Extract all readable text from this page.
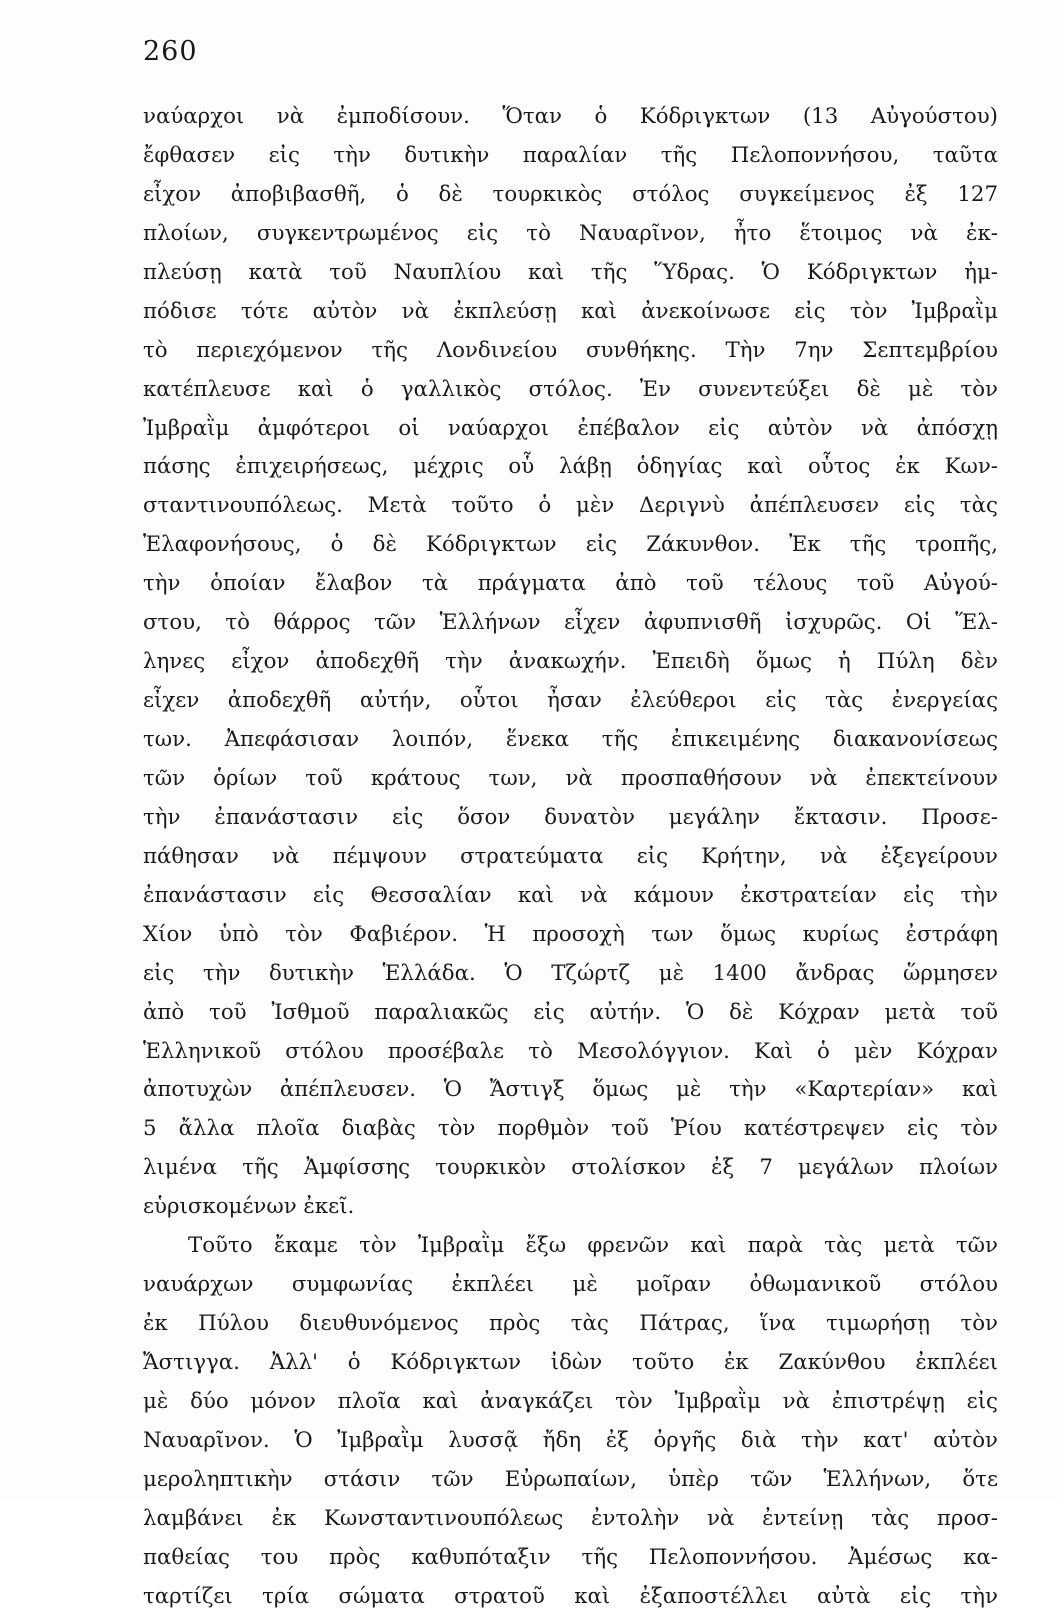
260
ναύαρχοι νὰ ἐμποδίσουν. Ὅταν ὁ Κόδριγκτων (13 Αὐγούστου)
ἔφθασεν εἰς τὴν δυτικὴν παραλίαν τῆς Πελοποννήσου, ταῦτα
εἶχον ἀποβιβασθῆ, ὁ δὲ τουρκικὸς στόλος συγκείμενος ἐξ 127
πλοίων, συγκεντρωμένος εἰς τὸ Ναυαρῖνον, ἦτο ἕτοιμος νὰ ἐκ-
πλεύσῃ κατὰ τοῦ Ναυπλίου καὶ τῆς Ὕδρας. Ὁ Κόδριγκτων ἠμ-
πόδισε τότε αὐτὸν νὰ ἐκπλεύσῃ καὶ ἀνεκοίνωσε εἰς τὸν Ἰμβραῒμ
τὸ περιεχόμενον τῆς Λονδινείου συνθήκης. Τὴν 7ην Σεπτεμβρίου
κατέπλευσε καὶ ὁ γαλλικὸς στόλος. Ἐν συνεντεύξει δὲ μὲ τὸν
Ἰμβραῒμ ἀμφότεροι οἱ ναύαρχοι ἐπέβαλον εἰς αὐτὸν νὰ ἀπόσχῃ
πάσης ἐπιχειρήσεως, μέχρις οὗ λάβῃ ὁδηγίας καὶ οὗτος ἐκ Κων-
σταντινουπόλεως. Μετὰ τοῦτο ὁ μὲν Δεριγνὺ ἀπέπλευσεν εἰς τὰς
Ἐλαφονήσους, ὁ δὲ Κόδριγκτων εἰς Ζάκυνθον. Ἐκ τῆς τροπῆς,
τὴν ὁποίαν ἔλαβον τὰ πράγματα ἀπὸ τοῦ τέλους τοῦ Αὐγού-
στου, τὸ θάρρος τῶν Ἑλλήνων εἶχεν ἀφυπνισθῆ ἰσχυρῶς. Οἱ Ἕλ-
ληνες εἶχον ἀποδεχθῆ τὴν ἀνακωχήν. Ἐπειδὴ ὅμως ἡ Πύλη δὲν
εἶχεν ἀποδεχθῆ αὐτήν, οὗτοι ἦσαν ἐλεύθεροι εἰς τὰς ἐνεργείας
των. Ἀπεφάσισαν λοιπόν, ἕνεκα τῆς ἐπικειμένης διακανονίσεως
τῶν ὁρίων τοῦ κράτους των, νὰ προσπαθήσουν νὰ ἐπεκτείνουν
τὴν ἐπανάστασιν εἰς ὅσον δυνατὸν μεγάλην ἔκτασιν. Προσε-
πάθησαν νὰ πέμψουν στρατεύματα εἰς Κρήτην, νὰ ἐξεγείρουν
ἐπανάστασιν εἰς Θεσσαλίαν καὶ νὰ κάμουν ἐκστρατείαν εἰς τὴν
Χίον ὑπὸ τὸν Φαβιέρον. Ἡ προσοχὴ των ὅμως κυρίως ἐστράφη
εἰς τὴν δυτικὴν Ἑλλάδα. Ὁ Τζώρτζ μὲ 1400 ἄνδρας ὥρμησεν
ἀπὸ τοῦ Ἰσθμοῦ παραλιακῶς εἰς αὐτήν. Ὁ δὲ Κόχραν μετὰ τοῦ
Ἑλληνικοῦ στόλου προσέβαλε τὸ Μεσολόγγιον. Καὶ ὁ μὲν Κόχραν
ἀποτυχὼν ἀπέπλευσεν. Ὁ Ἄστιγξ ὅμως μὲ τὴν «Καρτερίαν» καὶ
5 ἄλλα πλοῖα διαβὰς τὸν πορθμὸν τοῦ Ῥίου κατέστρεψεν εἰς τὸν
λιμένα τῆς Ἀμφίσσης τουρκικὸν στολίσκον ἐξ 7 μεγάλων πλοίων
εὑρισκομένων ἐκεῖ.
Τοῦτο ἔκαμε τὸν Ἰμβραῒμ ἔξω φρενῶν καὶ παρὰ τὰς μετὰ τῶν
ναυάρχων συμφωνίας ἐκπλέει μὲ μοῖραν ὀθωμανικοῦ στόλου
ἐκ Πύλου διευθυνόμενος πρὸς τὰς Πάτρας, ἵνα τιμωρήσῃ τὸν
Ἄστιγγα. Ἀλλ' ὁ Κόδριγκτων ἰδὼν τοῦτο ἐκ Ζακύνθου ἐκπλέει
μὲ δύο μόνον πλοῖα καὶ ἀναγκάζει τὸν Ἰμβραῒμ νὰ ἐπιστρέψῃ εἰς
Ναυαρῖνον. Ὁ Ἰμβραῒμ λυσσᾷ ἤδη ἐξ ὀργῆς διὰ τὴν κατ' αὐτὸν
μεροληπτικὴν στάσιν τῶν Εὐρωπαίων, ὑπὲρ τῶν Ἑλλήνων, ὅτε
λαμβάνει ἐκ Κωνσταντινουπόλεως ἐντολὴν νὰ ἐντείνῃ τὰς προσ-
παθείας του πρὸς καθυπόταξιν τῆς Πελοποννήσου. Ἀμέσως κα-
ταρτίζει τρία σώματα στρατοῦ καὶ ἐξαποστέλλει αὐτὰ εἰς τὴν
